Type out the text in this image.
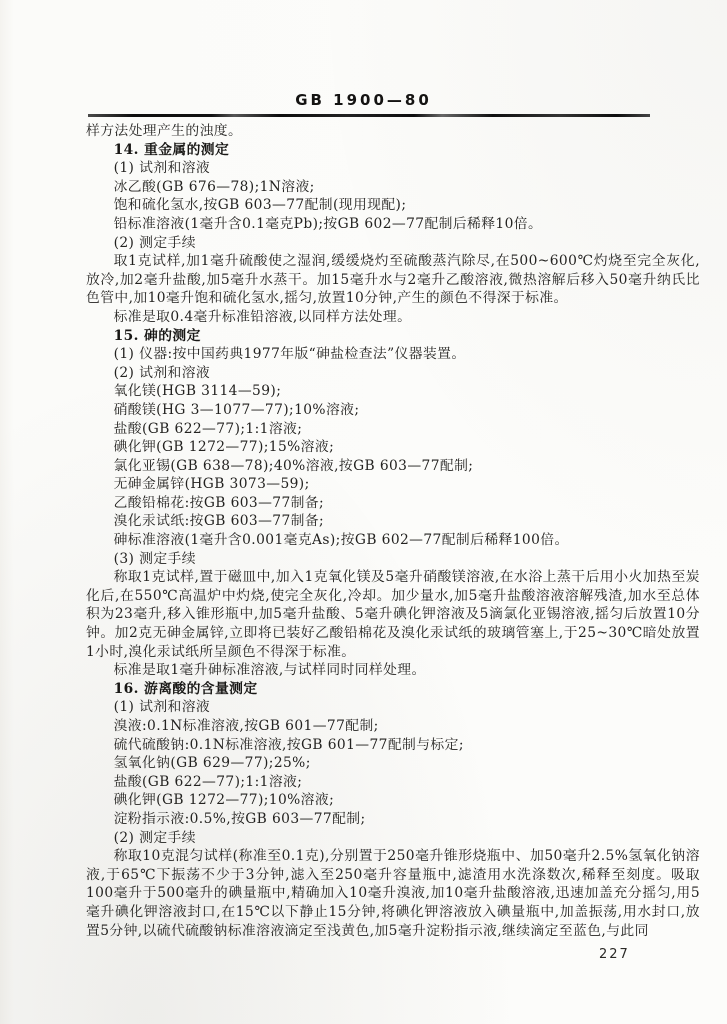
GB 1900—80
样方法处理产生的浊度。
14. 重金属的测定
(1) 试剂和溶液
冰乙酸(GB 676—78);1N溶液;
饱和硫化氢水,按GB 603—77配制(现用现配);
铅标准溶液(1毫升含0.1毫克Pb);按GB 602—77配制后稀释10倍。
(2) 测定手续
取1克试样,加1毫升硫酸使之湿润,缓缓烧灼至硫酸蒸汽除尽,在500~600℃灼烧至完全灰化,放冷,加2毫升盐酸,加5毫升水蒸干。加15毫升水与2毫升乙酸溶液,微热溶解后移入50毫升纳氏比色管中,加10毫升饱和硫化氢水,摇匀,放置10分钟,产生的颜色不得深于标准。
标准是取0.4毫升标准铅溶液,以同样方法处理。
15. 砷的测定
(1) 仪器:按中国药典1977年版“砷盐检查法”仪器装置。
(2) 试剂和溶液
氧化镁(HGB 3114—59);
硝酸镁(HG 3—1077—77);10%溶液;
盐酸(GB 622—77);1:1溶液;
碘化钾(GB 1272—77);15%溶液;
氯化亚锡(GB 638—78);40%溶液,按GB 603—77配制;
无砷金属锌(HGB 3073—59);
乙酸铅棉花:按GB 603—77制备;
溴化汞试纸:按GB 603—77制备;
砷标准溶液(1毫升含0.001毫克As);按GB 602—77配制后稀释100倍。
(3) 测定手续
称取1克试样,置于磁皿中,加入1克氧化镁及5毫升硝酸镁溶液,在水浴上蒸干后用小火加热至炭化后,在550℃高温炉中灼烧,使完全灰化,冷却。加少量水,加5毫升盐酸溶液溶解残渣,加水至总体积为23毫升,移入锥形瓶中,加5毫升盐酸、5毫升碘化钾溶液及5滴氯化亚锡溶液,摇匀后放置10分钟。加2克无砷金属锌,立即将已装好乙酸铅棉花及溴化汞试纸的玻璃管塞上,于25~30℃暗处放置1小时,溴化汞试纸所呈颜色不得深于标准。
标准是取1毫升砷标准溶液,与试样同时同样处理。
16. 游离酸的含量测定
(1) 试剂和溶液
溴液:0.1N标准溶液,按GB 601—77配制;
硫代硫酸钠:0.1N标准溶液,按GB 601—77配制与标定;
氢氧化钠(GB 629—77);25%;
盐酸(GB 622—77);1:1溶液;
碘化钾(GB 1272—77);10%溶液;
淀粉指示液:0.5%,按GB 603—77配制;
(2) 测定手续
称取10克混匀试样(称准至0.1克),分别置于250毫升锥形烧瓶中、加50毫升2.5%氢氧化钠溶液,于65℃下振荡不少于3分钟,滤入至250毫升容量瓶中,滤渣用水洗涤数次,稀释至刻度。吸取100毫升于500毫升的碘量瓶中,精确加入10毫升溴液,加10毫升盐酸溶液,迅速加盖充分摇匀,用5毫升碘化钾溶液封口,在15℃以下静止15分钟,将碘化钾溶液放入碘量瓶中,加盖振荡,用水封口,放置5分钟,以硫代硫酸钠标准溶液滴定至浅黄色,加5毫升淀粉指示液,继续滴定至蓝色,与此同
227
